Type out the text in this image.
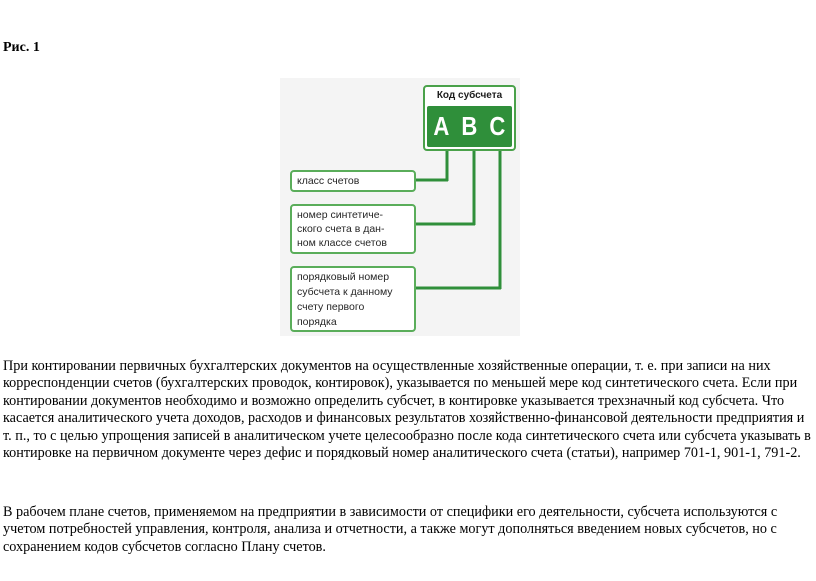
Рис. 1
Код субсчета
A B C
класс счетов
номер синтетиче-
ского счета в дан-
ном классе счетов
порядковый номер
субсчета к данному
счету первого
порядка

При контировании первичных бухгалтерских документов на осуществленные хозяйственные операции, т. е. при записи на них корреспонденции счетов (бухгалтерских проводок, контировок), указывается по меньшей мере код синтетического счета. Если при контировании документов необходимо и возможно определить субсчет, в контировке указывается трехзначный код субсчета. Что касается аналитического учета доходов, расходов и финансовых результатов хозяйственно-финансовой деятельности предприятия и т. п., то с целью упрощения записей в аналитическом учете целесообразно после кода синтетического счета или субсчета указывать в контировке на первичном документе через дефис и порядковый номер аналитического счета (статьи), например 701-1, 901-1, 791-2.

В рабочем плане счетов, применяемом на предприятии в зависимости от специфики его деятельности, субсчета используются с учетом потребностей управления, контроля, анализа и отчетности, а также могут дополняться введением новых субсчетов, но с сохранением кодов субсчетов согласно Плану счетов.
